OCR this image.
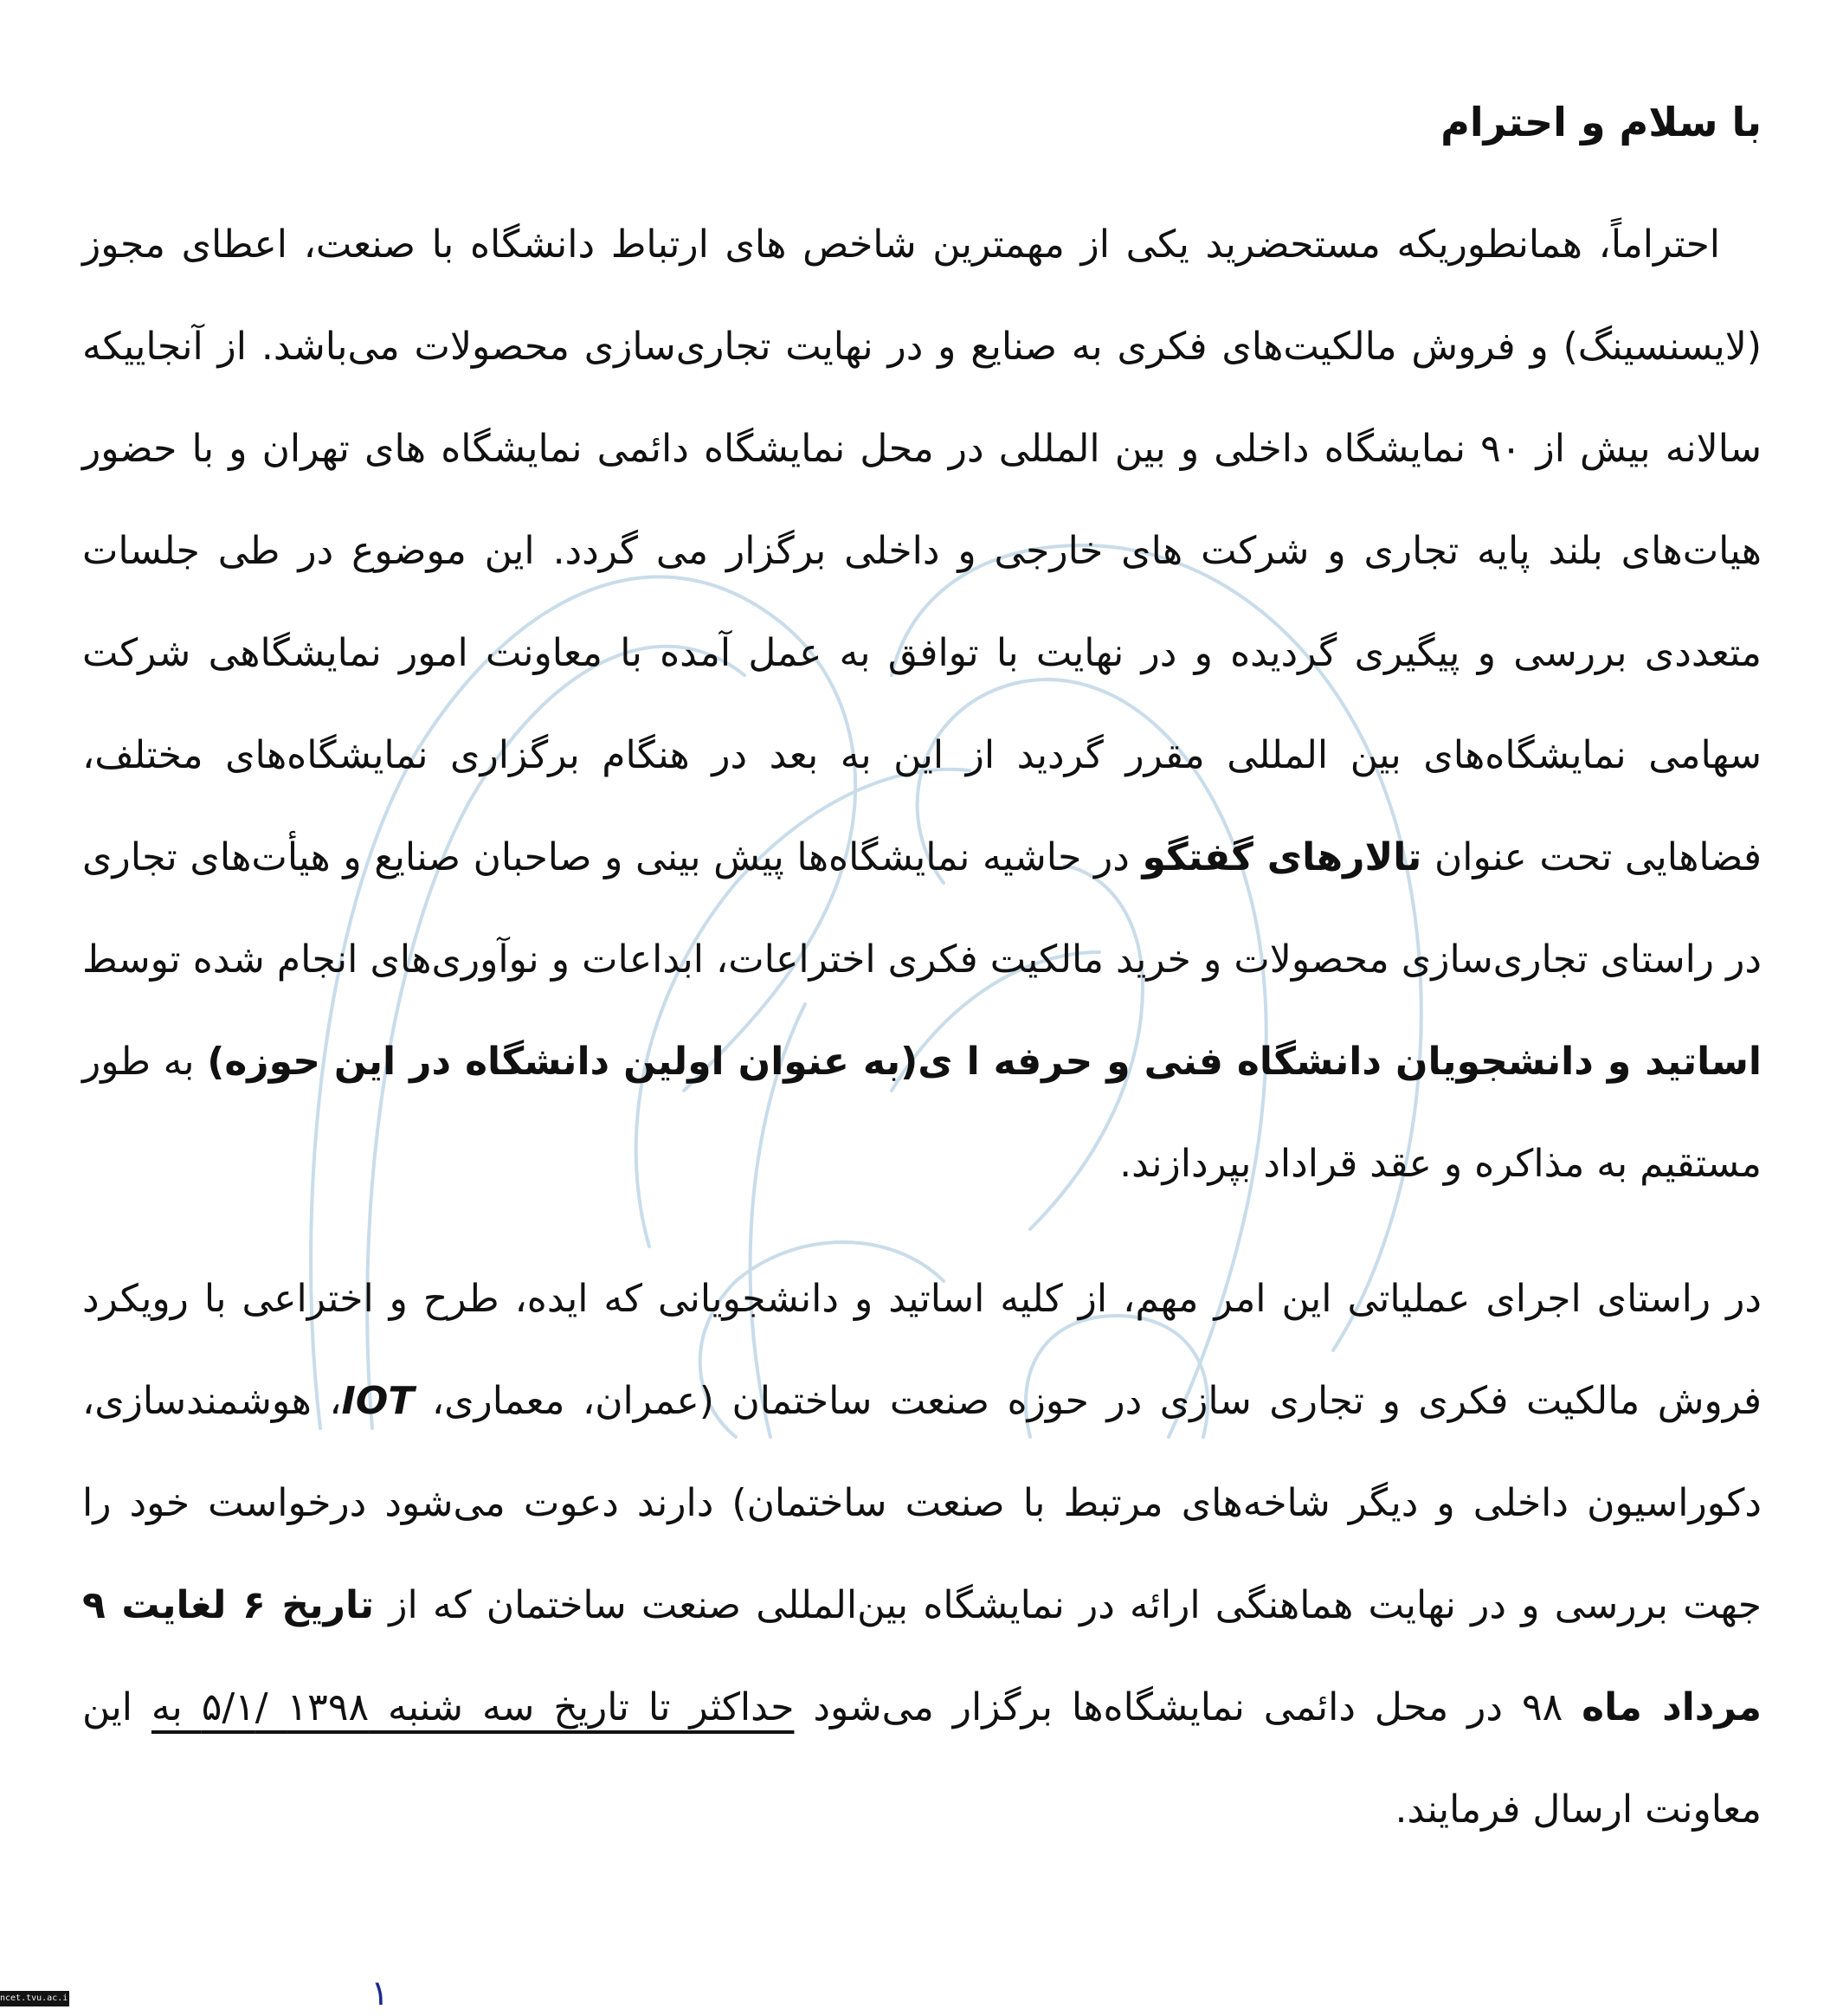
با سلام و احترام

احتراماً، همانطوریکه مستحضرید یکی از مهمترین شاخص های ارتباط دانشگاه با صنعت، اعطای مجوز (لایسنسینگ) و فروش مالکیت‌های فکری به صنایع و در نهایت تجاری‌سازی محصولات می‌باشد. از آنجاییکه سالانه بیش از ۹۰ نمایشگاه داخلی و بین المللی در محل نمایشگاه دائمی نمایشگاه های تهران و با حضور هیات‌های بلند پایه تجاری و شرکت های خارجی و داخلی برگزار می گردد. این موضوع در طی جلسات متعددی بررسی و پیگیری گردیده و در نهایت با توافق به عمل آمده با معاونت امور نمایشگاهی شرکت سهامی نمایشگاه‌های بین المللی مقرر گردید از این به بعد در هنگام برگزاری نمایشگاه‌های مختلف، فضاهایی تحت عنوان تالارهای گفتگو در حاشیه نمایشگاه‌ها پیش بینی و صاحبان صنایع و هیأت‌های تجاری در راستای تجاری‌سازی محصولات و خرید مالکیت فکری اختراعات، ابداعات و نوآوری‌های انجام شده توسط اساتید و دانشجویان دانشگاه فنی و حرفه ا ی(به عنوان اولین دانشگاه در این حوزه) به طور مستقیم به مذاکره و عقد قراداد بپردازند.

در راستای اجرای عملیاتی این امر مهم، از کلیه اساتید و دانشجویانی که ایده، طرح و اختراعی با رویکرد فروش مالکیت فکری و تجاری سازی در حوزه صنعت ساختمان (عمران، معماری، IOT، هوشمندسازی، دکوراسیون داخلی و دیگر شاخه‌های مرتبط با صنعت ساختمان) دارند دعوت می‌شود درخواست خود را جهت بررسی و در نهایت هماهنگی ارائه در نمایشگاه بین‌المللی صنعت ساختمان که از تاریخ ۶ لغایت ۹ مرداد ماه ۹۸ در محل دائمی نمایشگاه‌ها برگزار می‌شود حداکثر تا تاریخ سه شنبه ۱۳۹۸ /۵/۱ به این معاونت ارسال فرمایند.

ncet.tvu.ac.ir	۱
